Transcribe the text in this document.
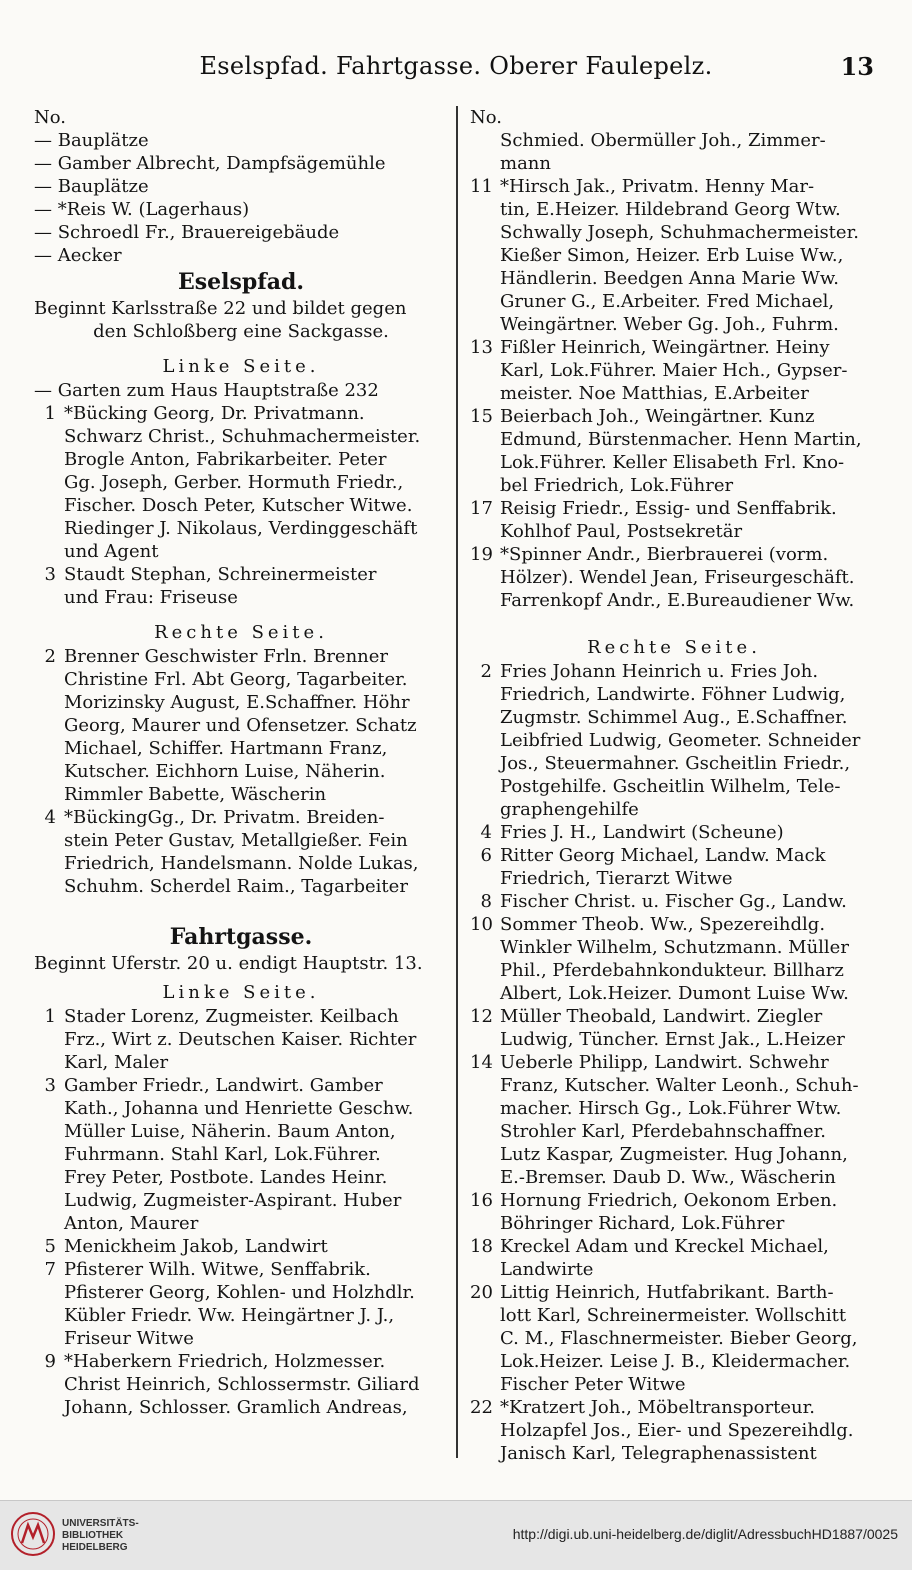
Eselspfad. Fahrtgasse. Oberer Faulepelz.	13
No.
— Bauplätze
— Gamber Albrecht, Dampfsägemühle
— Bauplätze
— *Reis W. (Lagerhaus)
— Schroedl Fr., Brauereigebäude
— Aecker
Eselspfad.
Beginnt Karlsstraße 22 und bildet gegen
den Schloßberg eine Sackgasse.
Linke Seite.
— Garten zum Haus Hauptstraße 232
1 *Bücking Georg, Dr. Privatmann.
Schwarz Christ., Schuhmachermeister.
Brogle Anton, Fabrikarbeiter. Peter
Gg. Joseph, Gerber. Hormuth Friedr.,
Fischer. Dosch Peter, Kutscher Witwe.
Riedinger J. Nikolaus, Verdinggeschäft
und Agent
3 Staudt Stephan, Schreinermeister
und Frau: Friseuse
Rechte Seite.
2 Brenner Geschwister Frln. Brenner
Christine Frl. Abt Georg, Tagarbeiter.
Morizinsky August, E.Schaffner. Höhr
Georg, Maurer und Ofensetzer. Schatz
Michael, Schiffer. Hartmann Franz,
Kutscher. Eichhorn Luise, Näherin.
Rimmler Babette, Wäscherin
4 *BückingGg., Dr. Privatm. Breiden-
stein Peter Gustav, Metallgießer. Fein
Friedrich, Handelsmann. Nolde Lukas,
Schuhm. Scherdel Raim., Tagarbeiter
Fahrtgasse.
Beginnt Uferstr. 20 u. endigt Hauptstr. 13.
Linke Seite.
1 Stader Lorenz, Zugmeister. Keilbach
Frz., Wirt z. Deutschen Kaiser. Richter
Karl, Maler
3 Gamber Friedr., Landwirt. Gamber
Kath., Johanna und Henriette Geschw.
Müller Luise, Näherin. Baum Anton,
Fuhrmann. Stahl Karl, Lok.Führer.
Frey Peter, Postbote. Landes Heinr.
Ludwig, Zugmeister-Aspirant. Huber
Anton, Maurer
5 Menickheim Jakob, Landwirt
7 Pfisterer Wilh. Witwe, Senffabrik.
Pfisterer Georg, Kohlen- und Holzhdlr.
Kübler Friedr. Ww. Heingärtner J. J.,
Friseur Witwe
9 *Haberkern Friedrich, Holzmesser.
Christ Heinrich, Schlossermstr. Giliard
Johann, Schlosser. Gramlich Andreas,
No.
Schmied. Obermüller Joh., Zimmer-
mann
11 *Hirsch Jak., Privatm. Henny Mar-
tin, E.Heizer. Hildebrand Georg Wtw.
Schwally Joseph, Schuhmachermeister.
Kießer Simon, Heizer. Erb Luise Ww.,
Händlerin. Beedgen Anna Marie Ww.
Gruner G., E.Arbeiter. Fred Michael,
Weingärtner. Weber Gg. Joh., Fuhrm.
13 Fißler Heinrich, Weingärtner. Heiny
Karl, Lok.Führer. Maier Hch., Gypser-
meister. Noe Matthias, E.Arbeiter
15 Beierbach Joh., Weingärtner. Kunz
Edmund, Bürstenmacher. Henn Martin,
Lok.Führer. Keller Elisabeth Frl. Kno-
bel Friedrich, Lok.Führer
17 Reisig Friedr., Essig- und Senffabrik.
Kohlhof Paul, Postsekretär
19 *Spinner Andr., Bierbrauerei (vorm.
Hölzer). Wendel Jean, Friseurgeschäft.
Farrenkopf Andr., E.Bureaudiener Ww.
Rechte Seite.
2 Fries Johann Heinrich u. Fries Joh.
Friedrich, Landwirte. Föhner Ludwig,
Zugmstr. Schimmel Aug., E.Schaffner.
Leibfried Ludwig, Geometer. Schneider
Jos., Steuermahner. Gscheitlin Friedr.,
Postgehilfe. Gscheitlin Wilhelm, Tele-
graphengehilfe
4 Fries J. H., Landwirt (Scheune)
6 Ritter Georg Michael, Landw. Mack
Friedrich, Tierarzt Witwe
8 Fischer Christ. u. Fischer Gg., Landw.
10 Sommer Theob. Ww., Spezereihdlg.
Winkler Wilhelm, Schutzmann. Müller
Phil., Pferdebahnkondukteur. Billharz
Albert, Lok.Heizer. Dumont Luise Ww.
12 Müller Theobald, Landwirt. Ziegler
Ludwig, Tüncher. Ernst Jak., L.Heizer
14 Ueberle Philipp, Landwirt. Schwehr
Franz, Kutscher. Walter Leonh., Schuh-
macher. Hirsch Gg., Lok.Führer Wtw.
Strohler Karl, Pferdebahnschaffner.
Lutz Kaspar, Zugmeister. Hug Johann,
E.-Bremser. Daub D. Ww., Wäscherin
16 Hornung Friedrich, Oekonom Erben.
Böhringer Richard, Lok.Führer
18 Kreckel Adam und Kreckel Michael,
Landwirte
20 Littig Heinrich, Hutfabrikant. Barth-
lott Karl, Schreinermeister. Wollschitt
C. M., Flaschnermeister. Bieber Georg,
Lok.Heizer. Leise J. B., Kleidermacher.
Fischer Peter Witwe
22 *Kratzert Joh., Möbeltransporteur.
Holzapfel Jos., Eier- und Spezereihdlg.
Janisch Karl, Telegraphenassistent
UNIVERSITÄTS-
BIBLIOTHEK
HEIDELBERG
http://digi.ub.uni-heidelberg.de/diglit/AdressbuchHD1887/0025
